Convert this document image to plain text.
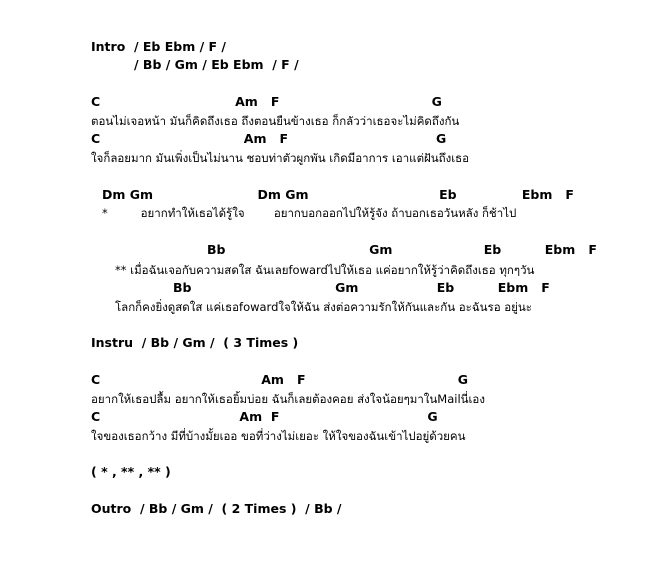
Intro  / Eb Ebm / F /
/ Bb / Gm / Eb Ebm  / F /
C                               Am   F                                   G
ตอนไม่เจอหน้า มันก็คิดถึงเธอ ถึงตอนยืนข้างเธอ ก็กลัวว่าเธอจะไม่คิดถึงกัน
C                                 Am   F                                  G
ใจก็ลอยมาก มันเพิ่งเป็นไม่นาน ชอบท่าตัวผูกพัน เกิดมีอาการ เอาแต่ฝันถึงเธอ
Dm Gm                        Dm Gm                              Eb               Ebm   F
*         อยากทำให้เธอได้รู้ใจ        อยากบอกออกไปให้รู้จัง ถ้าบอกเธอวันหลัง ก็ช้าไป
Bb                                 Gm                     Eb          Ebm   F
** เมื่อฉันเจอกับความสดใส ฉันเลยfowardไปให้เธอ แค่อยากให้รู้ว่าคิดถึงเธอ ทุกๆวัน
Bb                                 Gm                  Eb          Ebm   F
โลกก็คงยิ่งดูสดใส แค่เธอfowardใจให้ฉัน ส่งต่อความรักให้กันและกัน อะฉันรอ อยู่นะ
Instru  / Bb / Gm /  ( 3 Times )
C                                     Am   F                                   G
อยากให้เธอปลื้ม อยากให้เธอยิ้มบ่อย ฉันก็เลยต้องคอย ส่งใจน้อยๆมาในMailนี่เอง
C                                Am  F                                  G
ใจของเธอกว้าง มีที่บ้างมั้ยเออ ขอที่ว่างไม่เยอะ ให้ใจของฉันเข้าไปอยู่ด้วยคน
( * , ** , ** )
Outro  / Bb / Gm /  ( 2 Times )  / Bb /
